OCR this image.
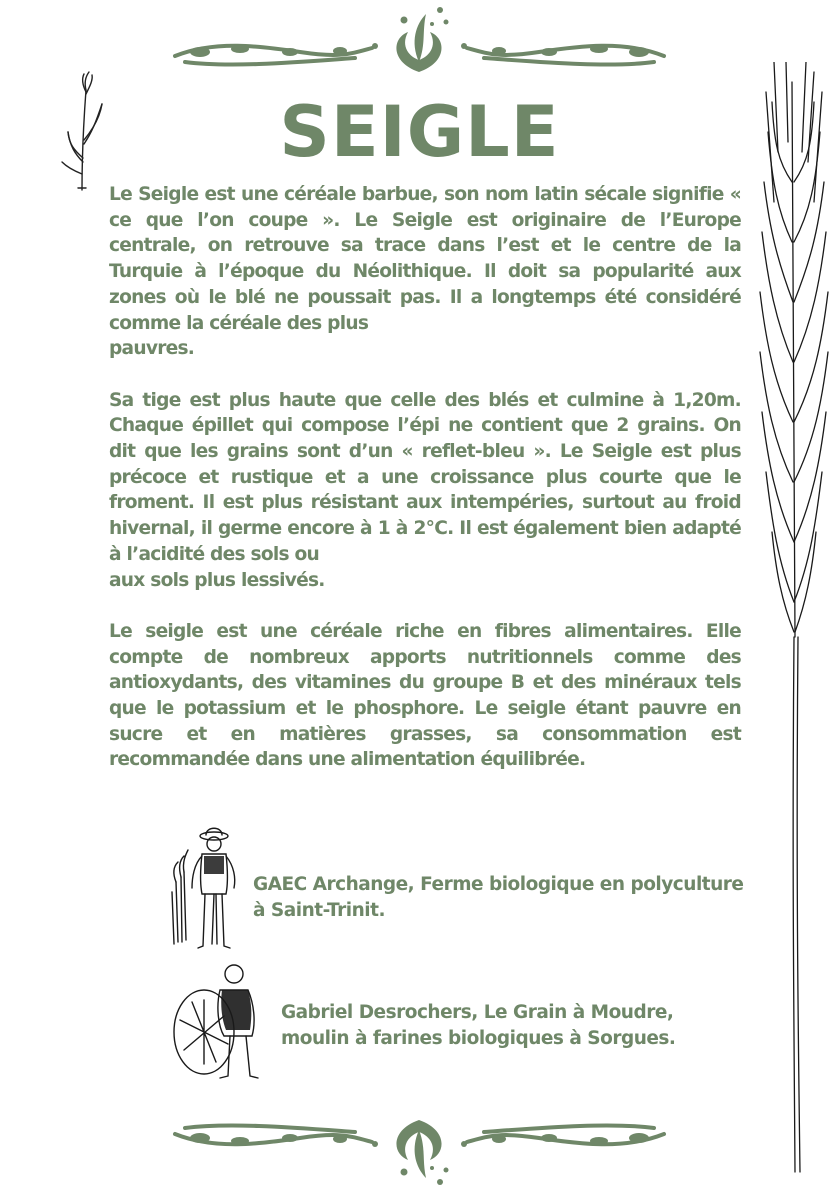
SEIGLE

Le Seigle est une céréale barbue, son nom latin sécale signifie « ce que l’on coupe ». Le Seigle est originaire de l’Europe centrale, on retrouve sa trace dans l’est et le centre de la Turquie à l’époque du Néolithique. Il doit sa popularité aux zones où le blé ne poussait pas. Il a longtemps été considéré comme la céréale des plus

pauvres.

Sa tige est plus haute que celle des blés et culmine à 1,20m. Chaque épillet qui compose l’épi ne contient que 2 grains. On dit que les grains sont d’un « reflet-bleu ». Le Seigle est plus précoce et rustique et a une croissance plus courte que le froment. Il est plus résistant aux intempéries, surtout au froid hivernal, il germe encore à 1 à 2°C. Il est également bien adapté à l’acidité des sols ou

aux sols plus lessivés.

Le seigle est une céréale riche en fibres alimentaires. Elle compte de nombreux apports nutritionnels comme des antioxydants, des vitamines du groupe B et des minéraux tels que le potassium et le phosphore. Le seigle étant pauvre en sucre et en matières grasses, sa consommation est recommandée dans une alimentation équilibrée.

GAEC Archange, Ferme biologique en polyculture
à Saint-Trinit.
Gabriel Desrochers, Le Grain à Moudre,
moulin à farines biologiques à Sorgues.
